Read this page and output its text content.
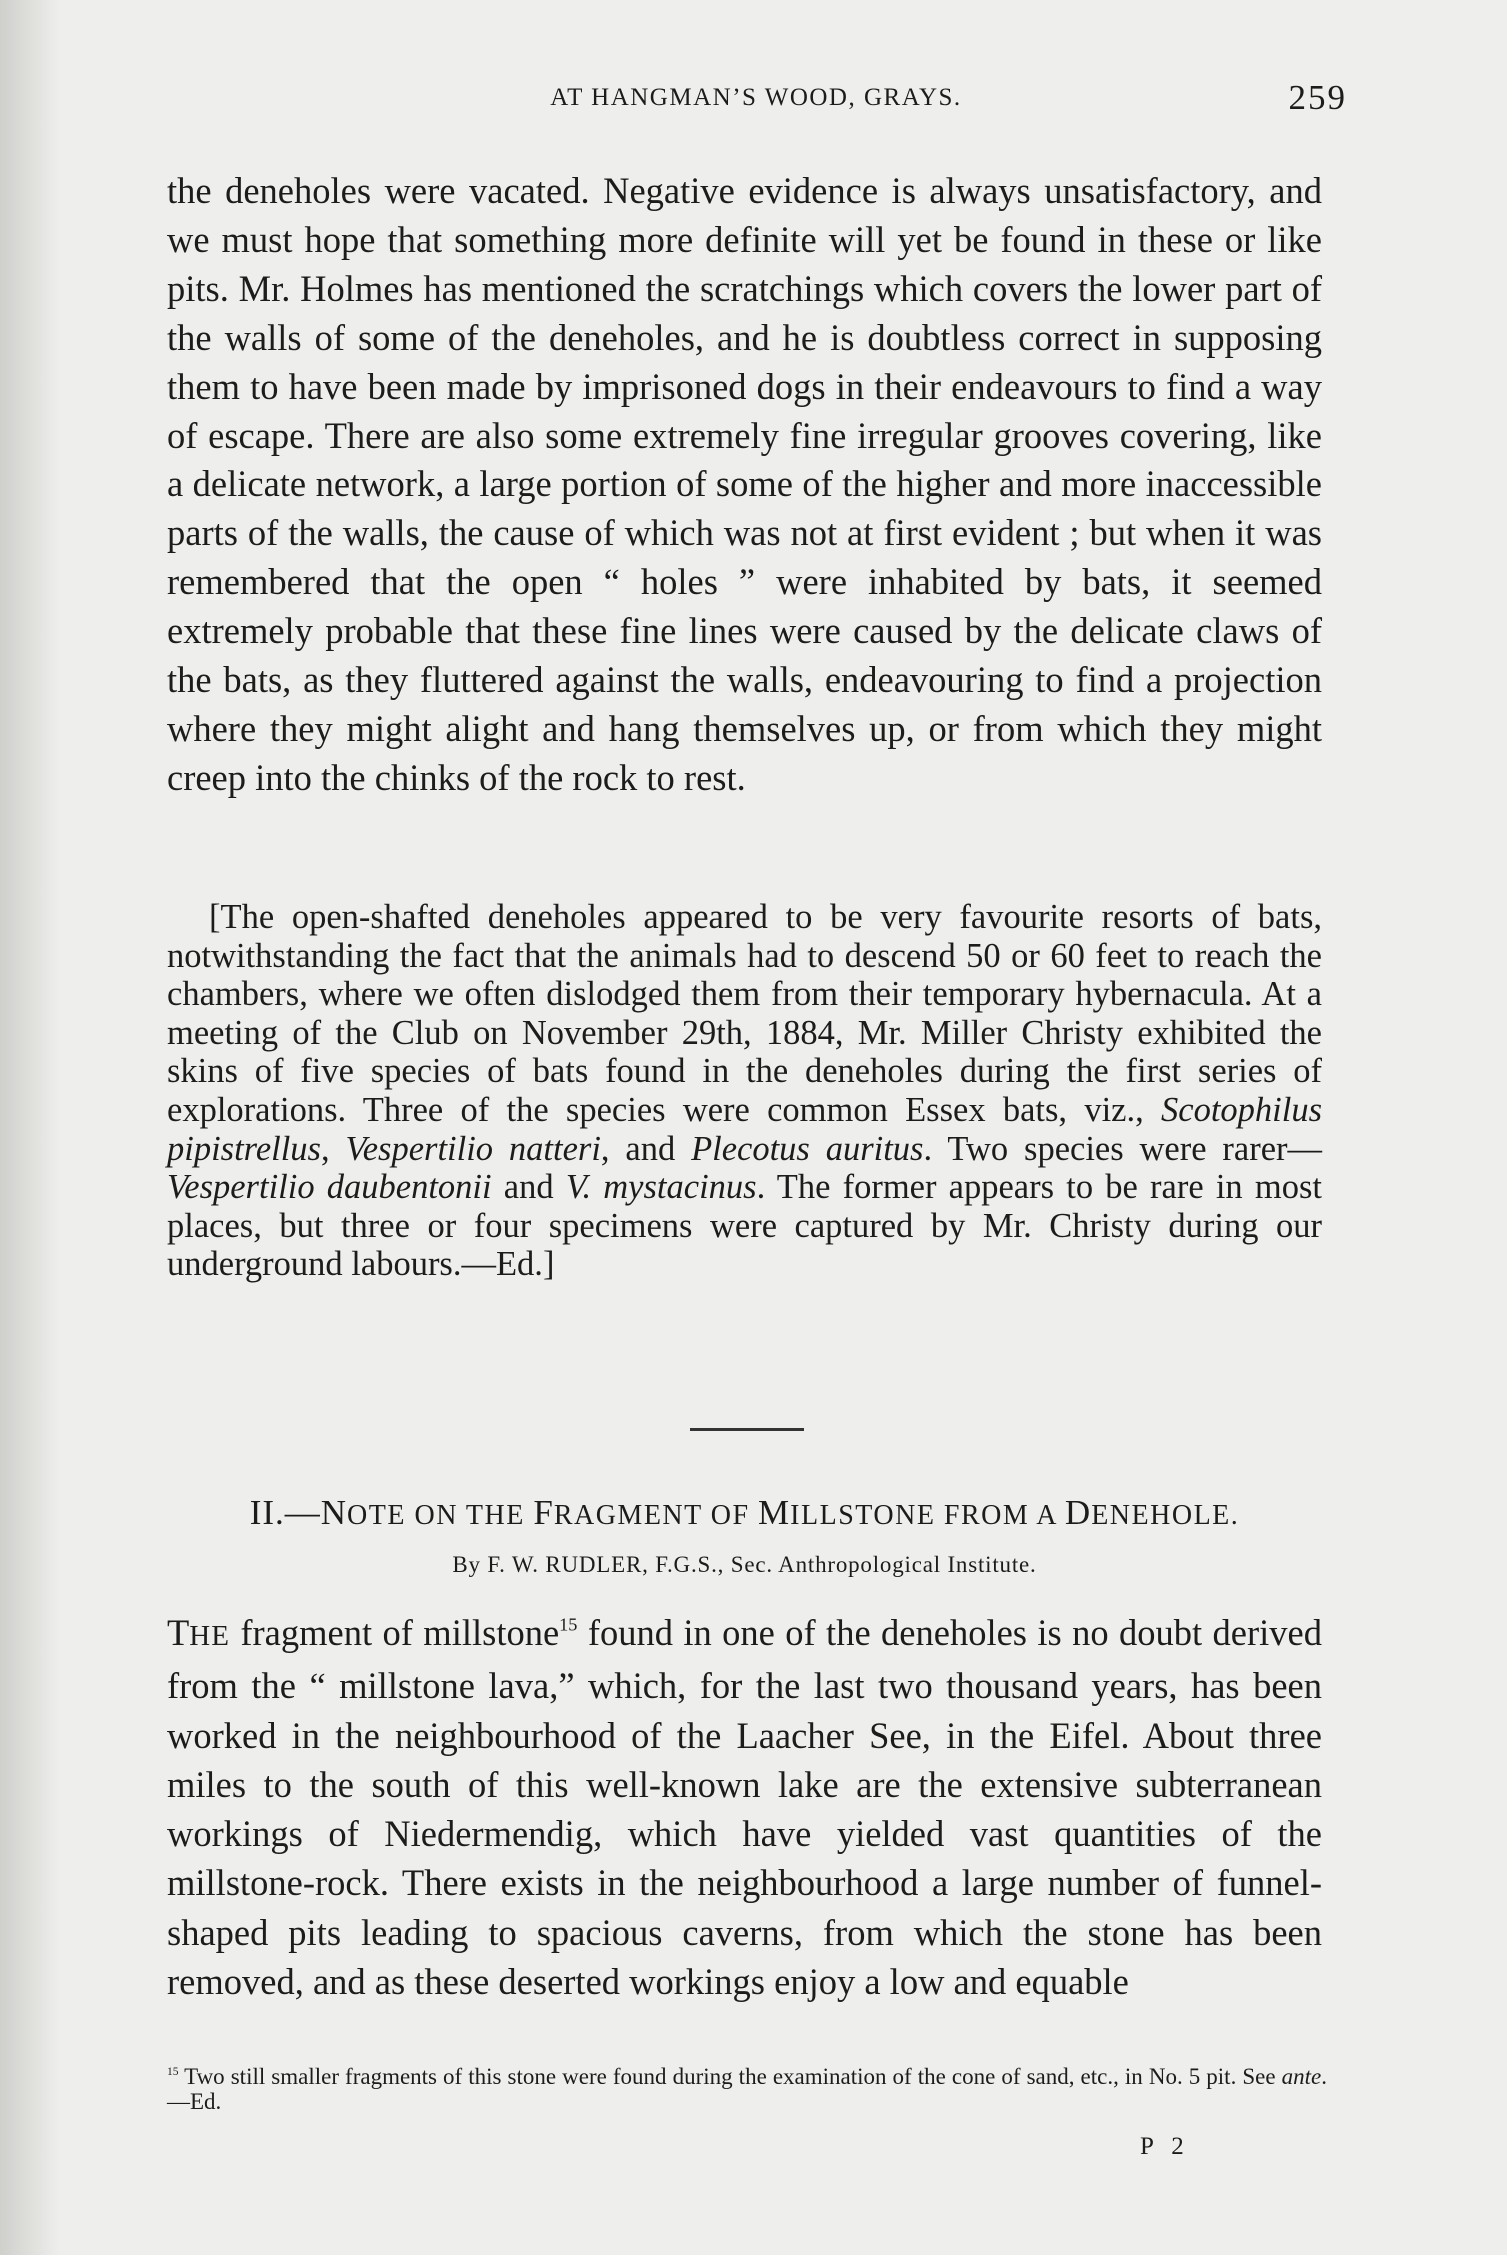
AT HANGMAN’S WOOD, GRAYS.	259

the deneholes were vacated. Negative evidence is always unsatisfactory, and we must hope that something more definite will yet be found in these or like pits. Mr. Holmes has mentioned the scratchings which covers the lower part of the walls of some of the deneholes, and he is doubtless correct in supposing them to have been made by imprisoned dogs in their endeavours to find a way of escape. There are also some extremely fine irregular grooves covering, like a delicate network, a large portion of some of the higher and more inaccessible parts of the walls, the cause of which was not at first evident ; but when it was remembered that the open “ holes ” were inhabited by bats, it seemed extremely probable that these fine lines were caused by the delicate claws of the bats, as they fluttered against the walls, endeavouring to find a projection where they might alight and hang themselves up, or from which they might creep into the chinks of the rock to rest.

[The open-shafted deneholes appeared to be very favourite resorts of bats, notwithstanding the fact that the animals had to descend 50 or 60 feet to reach the chambers, where we often dislodged them from their temporary hybernacula. At a meeting of the Club on November 29th, 1884, Mr. Miller Christy exhibited the skins of five species of bats found in the deneholes during the first series of explorations. Three of the species were common Essex bats, viz., Scotophilus pipistrellus, Vespertilio natteri, and Plecotus auritus. Two species were rarer—Vespertilio daubentonii and V. mystacinus. The former appears to be rare in most places, but three or four specimens were captured by Mr. Christy during our underground labours.—Ed.]

II.—NOTE ON THE FRAGMENT OF MILLSTONE FROM A DENEHOLE.
By F. W. RUDLER, F.G.S., Sec. Anthropological Institute.

THE fragment of millstone$^{15}$ found in one of the deneholes is no doubt derived from the “ millstone lava,” which, for the last two thousand years, has been worked in the neighbourhood of the Laacher See, in the Eifel. About three miles to the south of this well-known lake are the extensive subterranean workings of Niedermendig, which have yielded vast quantities of the millstone-rock. There exists in the neighbourhood a large number of funnel-shaped pits leading to spacious caverns, from which the stone has been removed, and as these deserted workings enjoy a low and equable

$^{15}$ Two still smaller fragments of this stone were found during the examination of the cone of sand, etc., in No. 5 pit. See ante.—Ed.
P 2
